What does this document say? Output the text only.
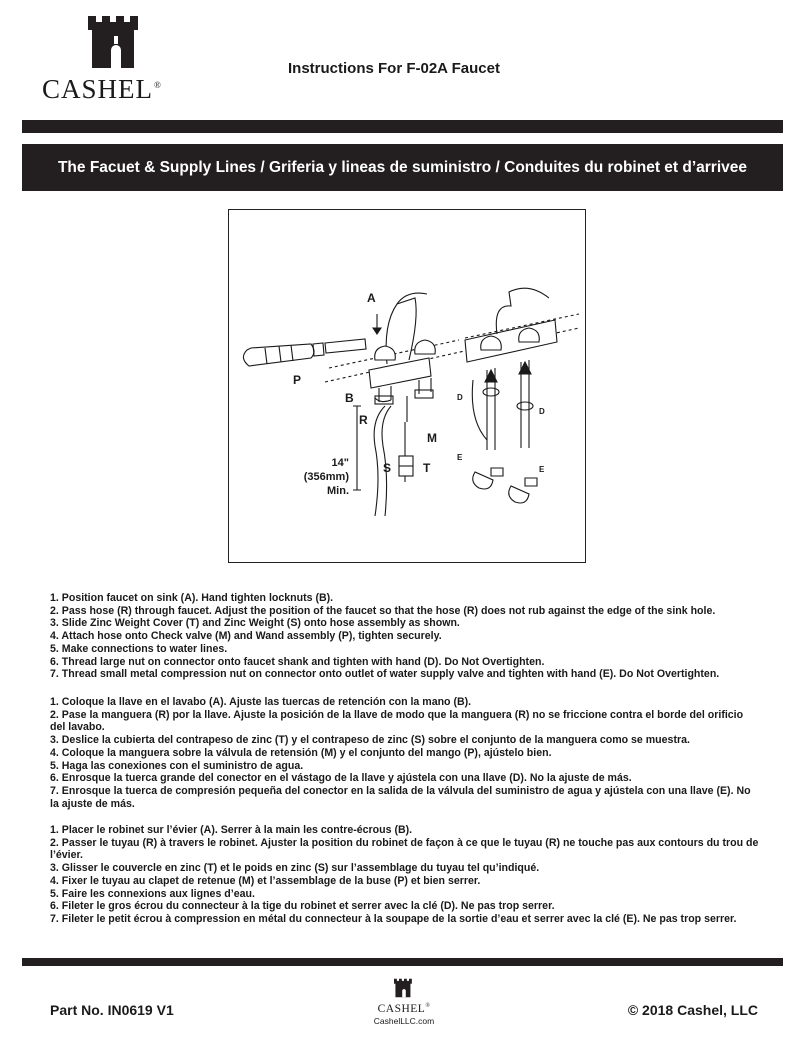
CASHEL®
Instructions For F-02A Faucet
The Facuet & Supply Lines / Griferia y lineas de suministro / Conduites du robinet et d’arrivee
A
P
B
R
M
S	T
14"
(356mm)
Min.
D
D
E
E

1. Position faucet on sink (A). Hand tighten locknuts (B).

2. Pass hose (R) through faucet. Adjust the position of the faucet so that the hose (R) does not rub against the edge of the sink hole.

3. Slide Zinc Weight Cover (T) and Zinc Weight (S) onto hose assembly as shown.

4. Attach hose onto Check valve (M) and Wand assembly (P), tighten securely.

5. Make connections to water lines.

6. Thread large nut on connector onto faucet shank and tighten with hand (D). Do Not Overtighten.

7. Thread small metal compression nut on connector onto outlet of water supply valve and tighten with hand (E). Do Not Overtighten.

1. Coloque la llave en el lavabo (A). Ajuste las tuercas de retención con la mano (B).

2. Pase la manguera (R) por la llave. Ajuste la posición de la llave de modo que la manguera (R) no se friccione contra el borde del orificio del lavabo.

3. Deslice la cubierta del contrapeso de zinc (T) y el contrapeso de zinc (S) sobre el conjunto de la manguera como se muestra.

4. Coloque la manguera sobre la válvula de retensión (M) y el conjunto del mango (P), ajústelo bien.

5. Haga las conexiones con el suministro de agua.

6. Enrosque la tuerca grande del conector en el vástago de la llave y ajústela con una llave (D). No la ajuste de más.

7. Enrosque la tuerca de compresión pequeña del conector en la salida de la válvula del suministro de agua y ajústela con una llave (E). No la ajuste de más.

1. Placer le robinet sur l’évier (A). Serrer à la main les contre-écrous (B).

2. Passer le tuyau (R) à travers le robinet. Ajuster la position du robinet de façon à ce que le tuyau (R) ne touche pas aux contours du trou de l’évier.

3. Glisser le couvercle en zinc (T) et le poids en zinc (S) sur l’assemblage du tuyau tel qu’indiqué.

4. Fixer le tuyau au clapet de retenue (M) et l’assemblage de la buse (P) et bien serrer.

5. Faire les connexions aux lignes d’eau.

6. Fileter le gros écrou du connecteur à la tige du robinet et serrer avec la clé (D). Ne pas trop serrer.

7. Fileter le petit écrou à compression en métal du connecteur à la soupape de la sortie d’eau et serrer avec la clé (E). Ne pas trop serrer.

Part No. IN0619 V1	CASHEL®
CashelLLC.com
© 2018 Cashel, LLC
